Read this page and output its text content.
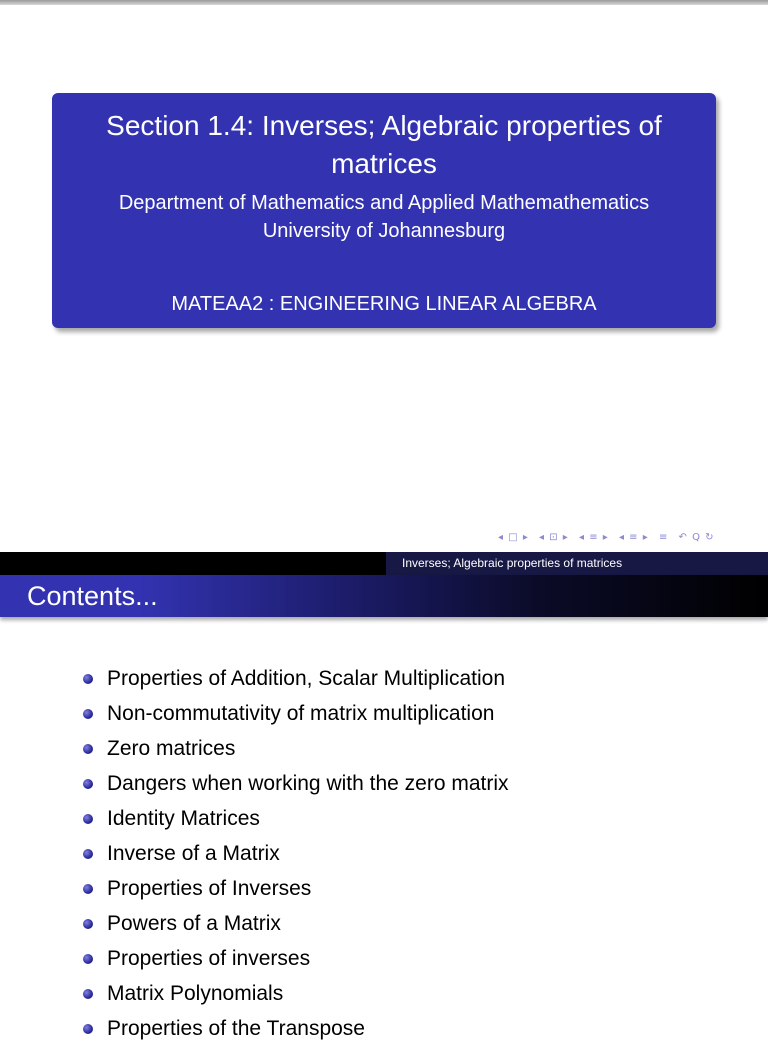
Section 1.4: Inverses; Algebraic properties of matrices
Department of Mathematics and Applied Mathemathematics
University of Johannesburg
MATEAA2 : ENGINEERING LINEAR ALGEBRA
◂ □ ▸ ◂ ⊡ ▸ ◂ ≡ ▸ ◂ ≡ ▸ ≡ ↶ Q ↻
Inverses; Algebraic properties of matrices
Contents...
Properties of Addition, Scalar Multiplication
Non-commutativity of matrix multiplication
Zero matrices
Dangers when working with the zero matrix
Identity Matrices
Inverse of a Matrix
Properties of Inverses
Powers of a Matrix
Properties of inverses
Matrix Polynomials
Properties of the Transpose
